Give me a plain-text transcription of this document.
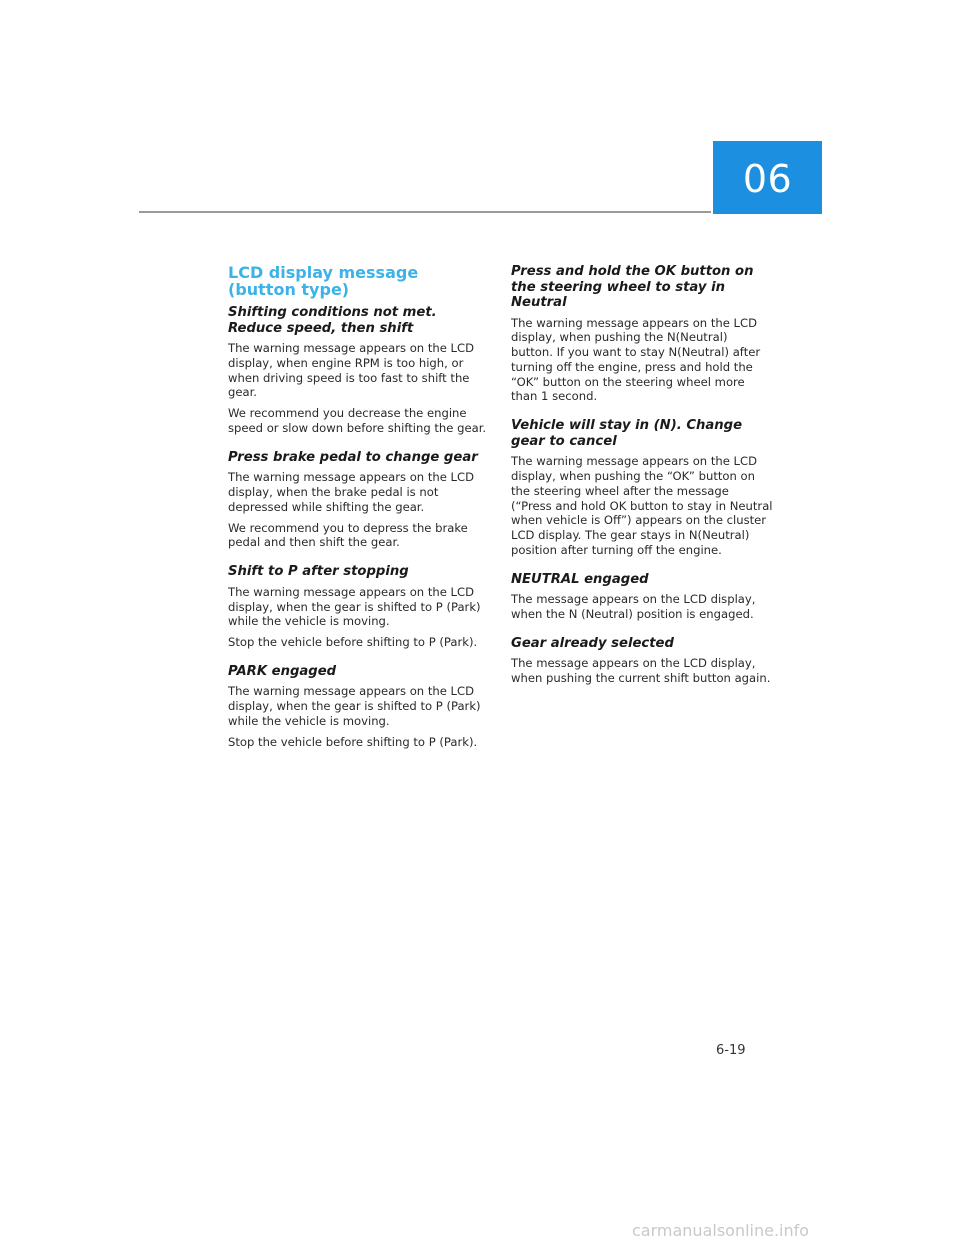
06
LCD display message (button type)
Shifting conditions not met. Reduce speed, then shift

The warning message appears on the LCD display, when engine RPM is too high, or when driving speed is too fast to shift the gear.

We recommend you decrease the engine speed or slow down before shifting the gear.

Press brake pedal to change gear

The warning message appears on the LCD display, when the brake pedal is not depressed while shifting the gear.

We recommend you to depress the brake pedal and then shift the gear.

Shift to P after stopping

The warning message appears on the LCD display, when the gear is shifted to P (Park) while the vehicle is moving.

Stop the vehicle before shifting to P (Park).

PARK engaged

The warning message appears on the LCD display, when the gear is shifted to P (Park) while the vehicle is moving.

Stop the vehicle before shifting to P (Park).

Press and hold the OK button on the steering wheel to stay in Neutral

The warning message appears on the LCD display, when pushing the N(Neutral) button. If you want to stay N(Neutral) after turning off the engine, press and hold the “OK” button on the steering wheel more than 1 second.

Vehicle will stay in (N). Change gear to cancel

The warning message appears on the LCD display, when pushing the “OK” button on the steering wheel after the message (“Press and hold OK button to stay in Neutral when vehicle is Off”) appears on the cluster LCD display. The gear stays in N(Neutral) position after turning off the engine.

NEUTRAL engaged

The message appears on the LCD display, when the N (Neutral) position is engaged.

Gear already selected

The message appears on the LCD display, when pushing the current shift button again.

6-19
carmanualsonline.info
